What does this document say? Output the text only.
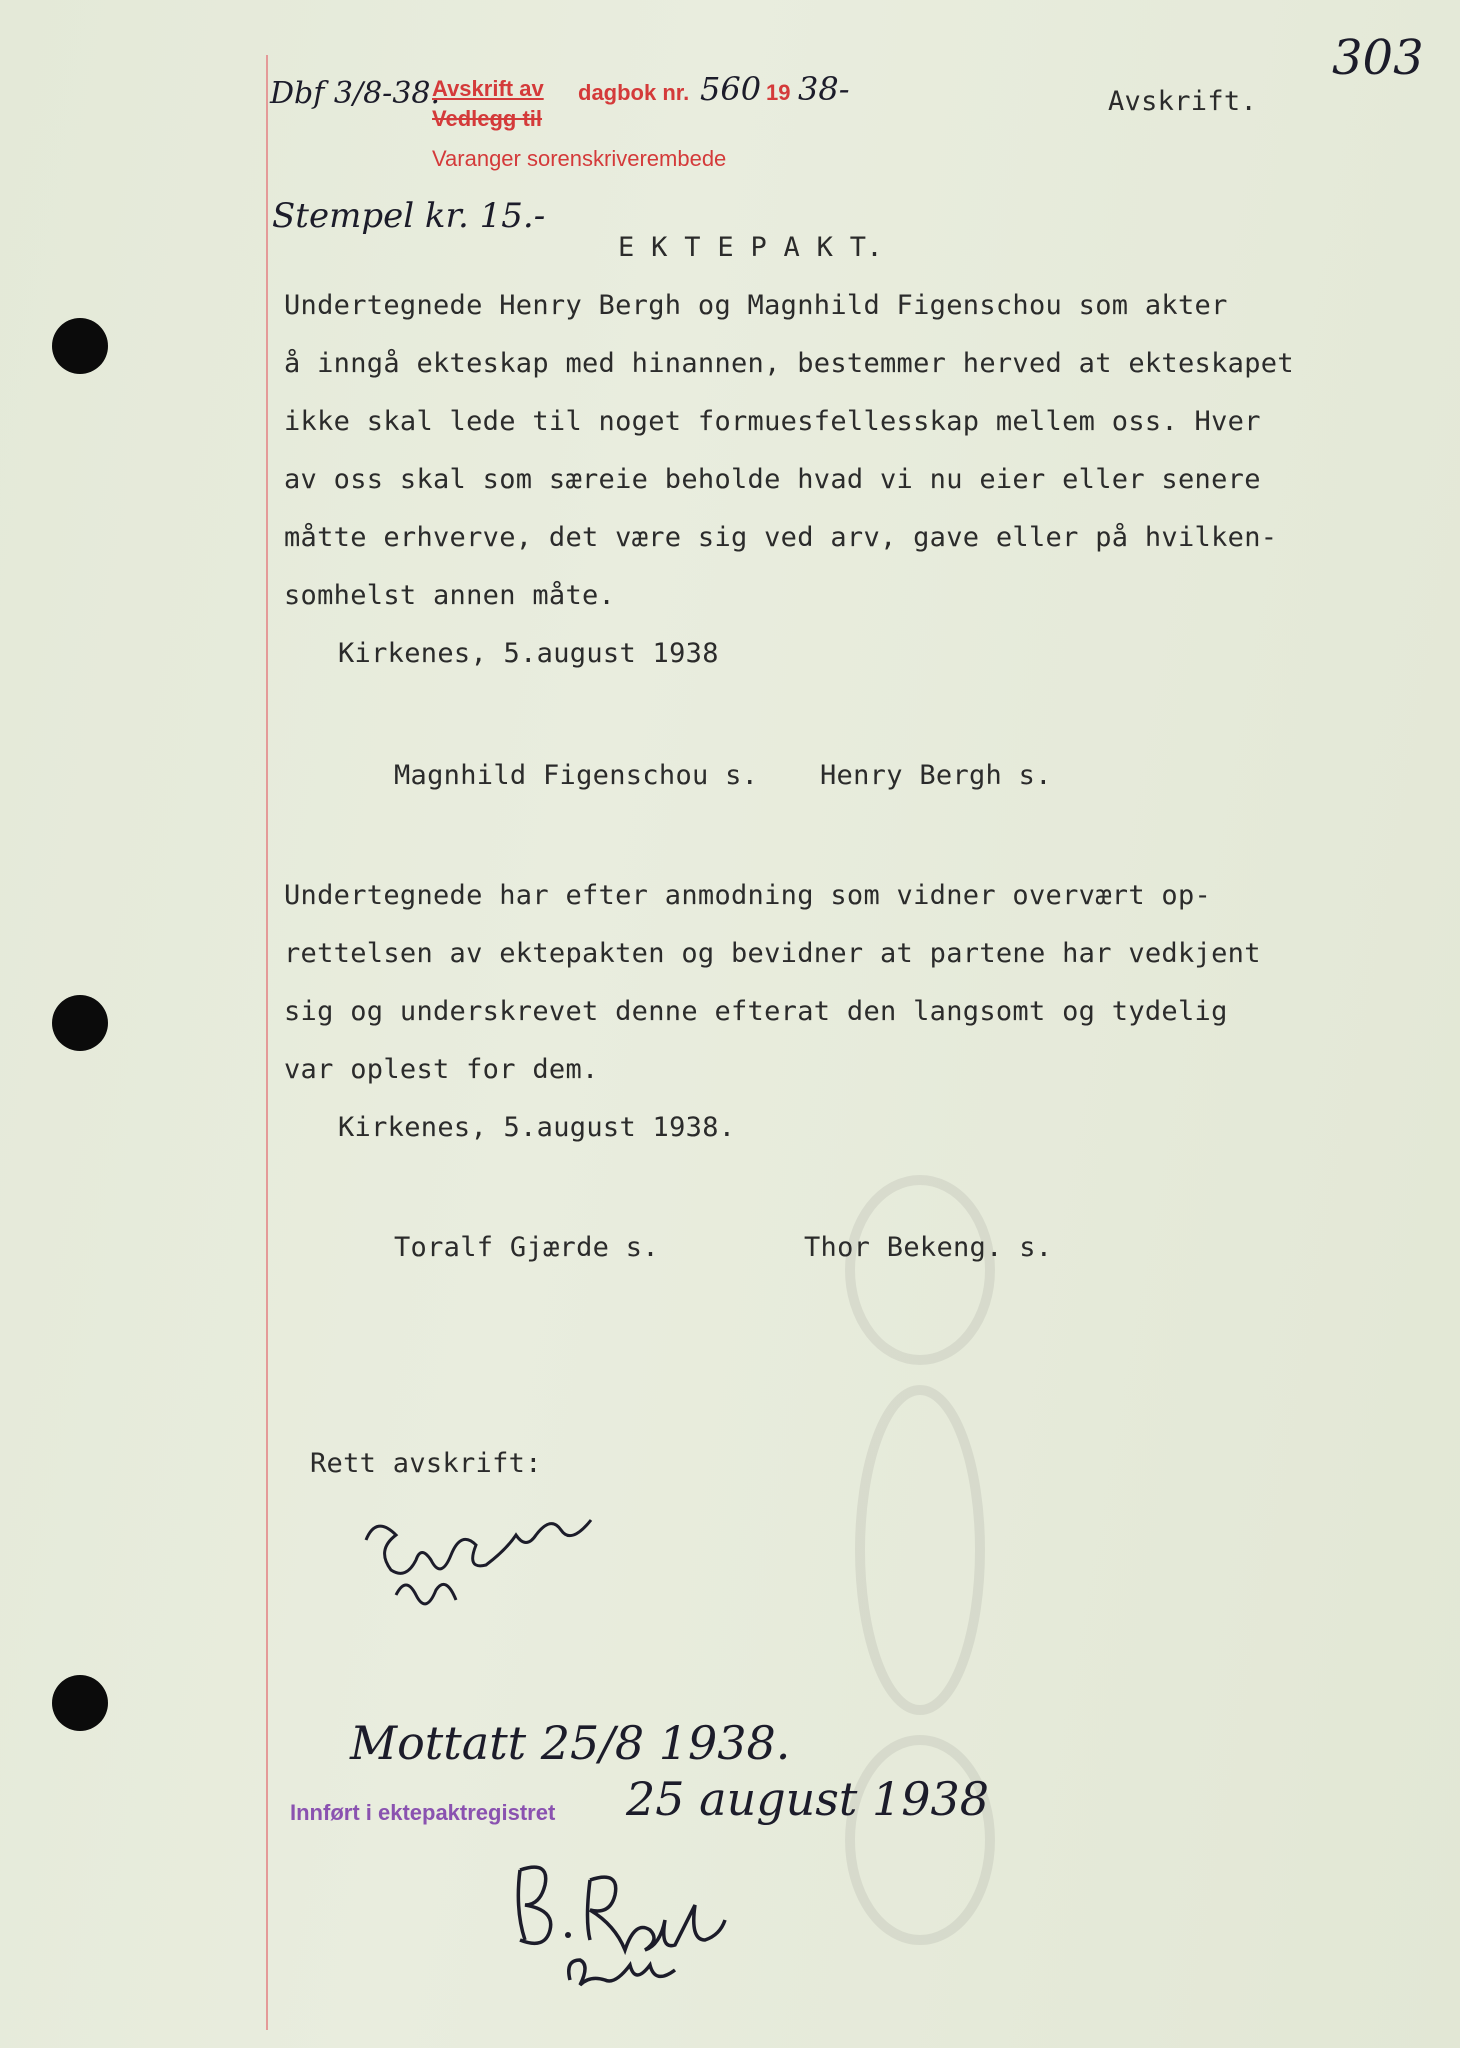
303
Dbf 3/8-38.
Avskrift av
Vedlegg til
dagbok nr. 560 19 38-
Varanger sorenskriverembede
Avskrift.
Stempel kr. 15.-
E K T E P A K T.
Undertegnede Henry Bergh og Magnhild Figenschou som akter
å inngå ekteskap med hinannen, bestemmer herved at ekteskapet
ikke skal lede til noget formuesfellesskap mellem oss. Hver
av oss skal som særeie beholde hvad vi nu eier eller senere
måtte erhverve, det være sig ved arv, gave eller på hvilken-
somhelst annen måte.
Kirkenes, 5.august 1938
Magnhild Figenschou s. Henry Bergh s.
Undertegnede har efter anmodning som vidner overvært op-
rettelsen av ektepakten og bevidner at partene har vedkjent
sig og underskrevet denne efterat den langsomt og tydelig
var oplest for dem.
Kirkenes, 5.august 1938.
Toralf Gjærde s.	Thor Bekeng. s.
Rett avskrift:
Mottatt 25/8 1938.
Innført i ektepaktregistret 25 august 1938
